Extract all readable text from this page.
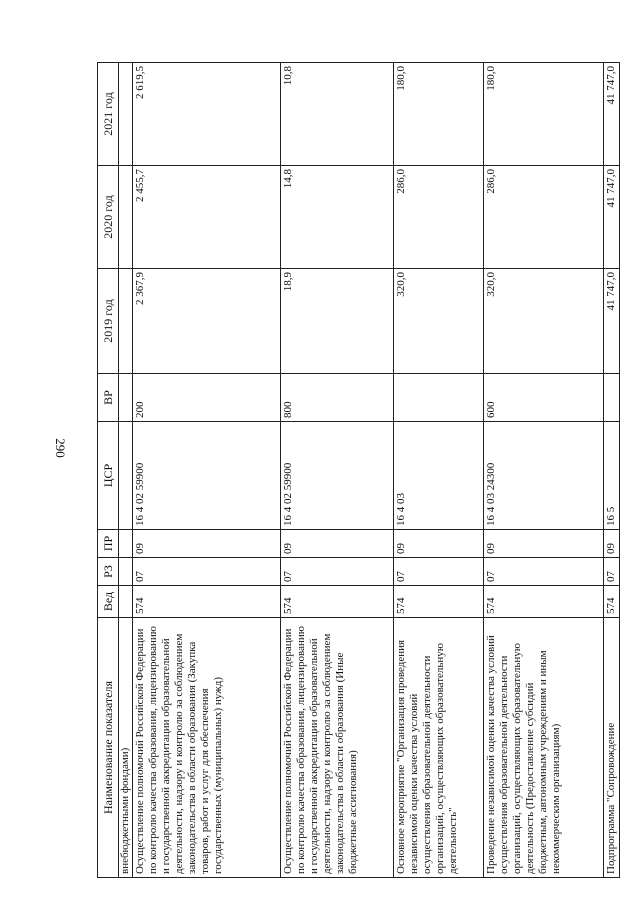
290
Наименование показателя	Вед	РЗ	ПР	ЦСР	ВР	2019 год	2020 год	2021 год
внебюджетными фондами)								
Осуществление полномочий Российской Федерации по контролю качества образования, лицензированию и государственной аккредитации образовательной деятельности, надзору и контролю за соблюдением законодательства в области образования (Закупка товаров, работ и услуг для обеспечения государственных (муниципальных) нужд)	574	07	09	16 4 02 59900	200	2 367,9	2 455,7	2 619,5
Осуществление полномочий Российской Федерации по контролю качества образования, лицензированию и государственной аккредитации образовательной деятельности, надзору и контролю за соблюдением законодательства в области образования (Иные бюджетные ассигнования)	574	07	09	16 4 02 59900	800	18,9	14,8	10,8
Основное мероприятие "Организация проведения независимой оценки качества условий осуществления образовательной деятельности организаций, осуществляющих образовательную деятельность"	574	07	09	16 4 03		320,0	286,0	180,0
Проведение независимой оценки качества условий осуществления образовательной деятельности организаций, осуществляющих образовательную деятельность (Предоставление субсидий бюджетным, автономным учреждениям и иным некоммерческим организациям)	574	07	09	16 4 03 24300	600	320,0	286,0	180,0
Подпрограмма "Сопровождение	574	07	09	16 5		41 747,0	41 747,0	41 747,0
